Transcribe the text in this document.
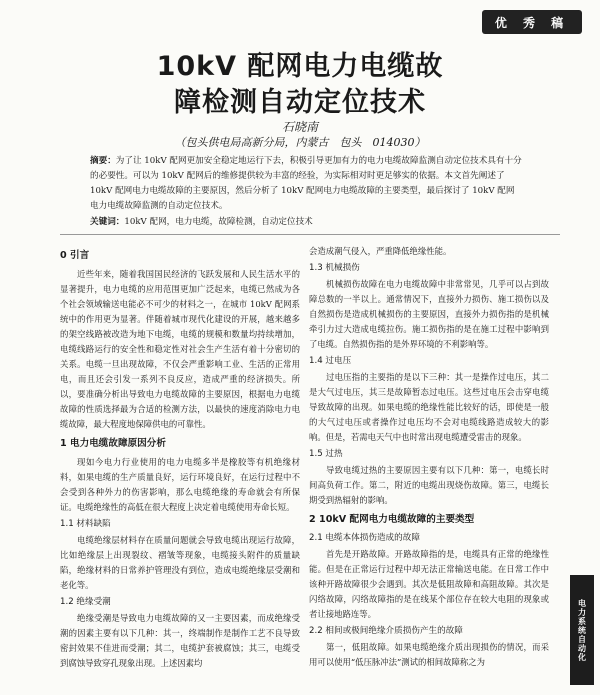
优 秀 稿
10kV 配网电力电缆故
障检测自动定位技术
石晓南
（包头供电局高新分局，内蒙古　包头　014030）
摘要：为了让 10kV 配网更加安全稳定地运行下去，积极引导更加有力的电力电缆故障监测自动定位技术具有十分的必要性。可以为 10kV 配网后的维修提供较为丰富的经验，为实际相对时更足够实的依据。本文首先阐述了 10kV 配网电力电缆故障的主要原因，然后分析了 10kV 配网电力电缆故障的主要类型，最后探讨了 10kV 配网电力电缆故障监测的自动定位技术。
关键词：10kV 配网，电力电缆，故障检测，自动定位技术
0 引言

近些年来，随着我国国民经济的飞跃发展和人民生活水平的显著提升，电力电缆的应用范围更加广泛起来，电缆已然成为各个社会领域输送电能必不可少的材料之一，在城市 10kV 配网系统中的作用更为显著。伴随着城市现代化建设的开展，越来越多的架空线路被改造为地下电缆，电缆的规模和数量均持续增加，电缆线路运行的安全性和稳定性对社会生产生活有着十分密切的关系。电缆一旦出现故障，不仅会严重影响工业、生活的正常用电，而且还会引发一系列不良反应，造成严重的经济损失。所以，要准确分析出导致电力电缆故障的主要原因，根据电力电缆故障的性质选择最为合适的检测方法，以最快的速度消除电力电缆故障，最大程度地保障供电的可靠性。

1 电力电缆故障原因分析

现如今电力行业使用的电力电缆多半是橡胶等有机绝缘材料，如果电缆的生产质量良好，运行环境良好，在运行过程中不会受到各种外力的伤害影响，那么电缆绝缘的寿命就会有所保证。电缆绝缘性的高低在很大程度上决定着电缆使用寿命长短。

1.1 材料缺陷

电缆绝缘层材料存在质量问题就会导致电缆出现运行故障，比如绝缘层上出现裂纹、褶皱等现象，电缆接头附件的质量缺陷，绝缘材料的日常养护管理没有到位，造成电缆绝缘层受潮和老化等。

1.2 绝缘受潮

绝缘受潮是导致电力电缆故障的又一主要因素，而成绝缘受潮的因素主要有以下几种：其一，终端制作是制作工艺不良导致密封效果不佳进而受潮；其二，电缆护套被腐蚀；其三，电缆受到腐蚀导致穿孔现象出现。上述因素均

会造成潮气侵入，严重降低绝缘性能。

1.3 机械损伤

机械损伤故障在电力电缆故障中非常常见，几乎可以占到故障总数的一半以上。通常情况下，直接外力损伤、施工损伤以及自然损伤是造成机械损伤的主要原因，直接外力损伤指的是机械牵引力过大造成电缆拉伤。施工损伤指的是在施工过程中影响到了电缆。自然损伤指的是外界环境的不利影响等。

1.4 过电压

过电压指的主要指的是以下三种：其一是操作过电压，其二是大气过电压，其三是故障暂态过电压。这些过电压会击穿电缆导致故障的出现。如果电缆的绝缘性能比较好的话，即使是一般的大气过电压或者操作过电压均不会对电缆线路造成较大的影响。但是，若需电天气中也时常出现电缆遭受雷击的现象。

1.5 过热

导致电缆过热的主要原因主要有以下几种：第一，电缆长时间高负荷工作。第二，附近的电缆出现烧伤故障。第三，电缆长期受到热辐射的影响。

2 10kV 配网电力电缆故障的主要类型
2.1 电缆本体损伤造成的故障

首先是开路故障。开路故障指的是，电缆具有正常的绝缘性能。但是在正常运行过程中却无法正常输送电能。在日常工作中该种开路故障很少会遇到。其次是低阻故障和高阻故障。其次是闪络故障，闪络故障指的是在线某个部位存在较大电阻的现象或者让接地路连等。

2.2 相间或极间绝缘介质损伤产生的故障

第一，低阻故障。如果电缆绝缘介质出现损伤的情况，而采用可以使用“低压脉冲法”测试的相间故障称之为

电力系统自动化
